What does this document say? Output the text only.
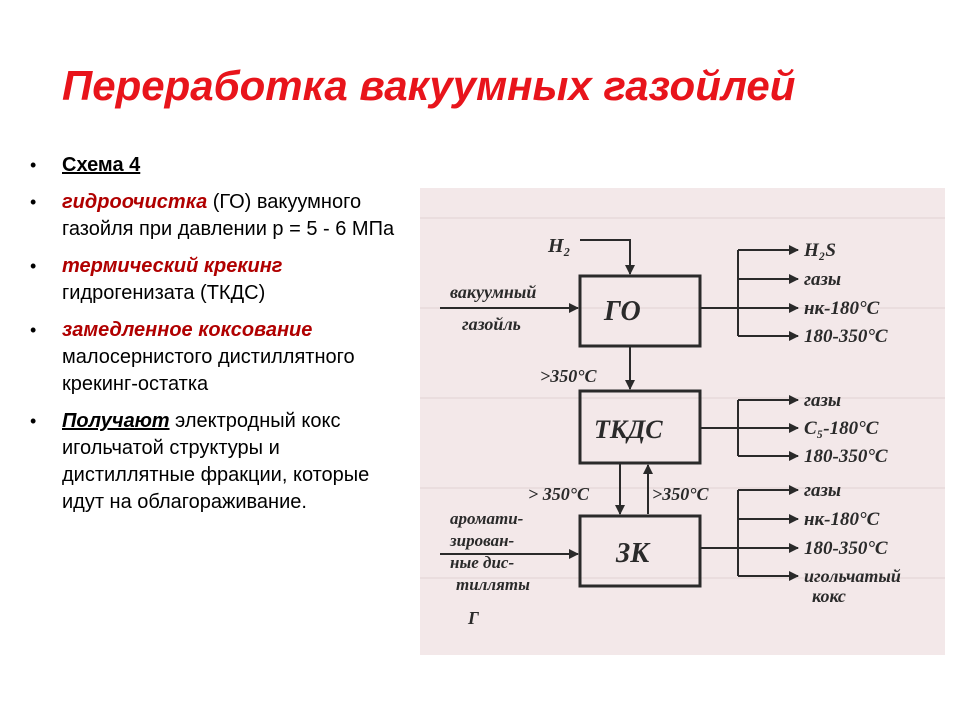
Переработка вакуумных газойлей
• Схема 4
• гидроочистка (ГО) вакуумного газойля при давлении р = 5 - 6 МПа
• термический крекинг гидрогенизата (ТКДС)
• замедленное коксование малосернистого дистиллятного крекинг-остатка
• Получают электродный кокс игольчатой структуры и дистиллятные фракции, которые идут на облагораживание.
ГО
ТКДС
ЗК
H₂
вакуумный
газойль
>350°C
> 350°C	>350°C
аромати-
зирован-
ные дис-
тилляты
Г
H₂S
газы
нк-180°C
180-350°C
газы
C₅-180°C
180-350°C
газы
нк-180°C
180-350°C
игольчатый
кокс
